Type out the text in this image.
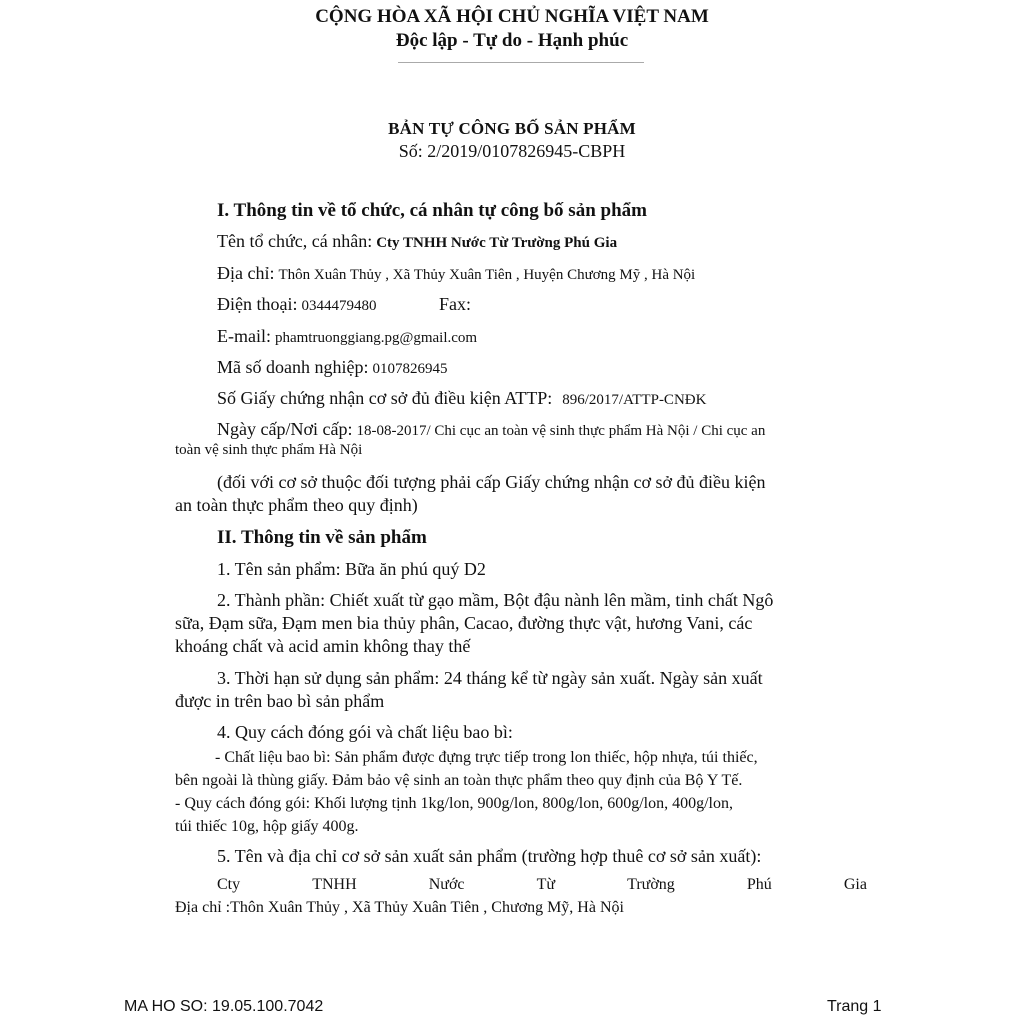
CỘNG HÒA XÃ HỘI CHỦ NGHĨA VIỆT NAM
Độc lập - Tự do - Hạnh phúc
BẢN TỰ CÔNG BỐ SẢN PHẨM
Số: 2/2019/0107826945-CBPH
I. Thông tin về tổ chức, cá nhân tự công bố sản phẩm
Tên tổ chức, cá nhân: Cty TNHH Nước Từ Trường Phú Gia
Địa chỉ: Thôn Xuân Thủy , Xã Thủy Xuân Tiên , Huyện Chương Mỹ , Hà Nội
Điện thoại: 0344479480	Fax:
E-mail: phamtruonggiang.pg@gmail.com
Mã số doanh nghiệp: 0107826945
Số Giấy chứng nhận cơ sở đủ điều kiện ATTP: 896/2017/ATTP-CNĐK
Ngày cấp/Nơi cấp: 18-08-2017/ Chi cục an toàn vệ sinh thực phẩm Hà Nội / Chi cục an
toàn vệ sinh thực phẩm Hà Nội
(đối với cơ sở thuộc đối tượng phải cấp Giấy chứng nhận cơ sở đủ điều kiện
an toàn thực phẩm theo quy định)
II. Thông tin về sản phẩm
1. Tên sản phẩm: Bữa ăn phú quý D2
2. Thành phần: Chiết xuất từ gạo mầm, Bột đậu nành lên mầm, tinh chất Ngô
sữa, Đạm sữa, Đạm men bia thủy phân, Cacao, đường thực vật, hương Vani, các
khoáng chất và acid amin không thay thế
3. Thời hạn sử dụng sản phẩm: 24 tháng kể từ ngày sản xuất. Ngày sản xuất
được in trên bao bì sản phẩm
4. Quy cách đóng gói và chất liệu bao bì:
- Chất liệu bao bì: Sản phẩm được đựng trực tiếp trong lon thiếc, hộp nhựa, túi thiếc,
bên ngoài là thùng giấy. Đảm bảo vệ sinh an toàn thực phẩm theo quy định của Bộ Y Tế.
- Quy cách đóng gói: Khối lượng tịnh 1kg/lon, 900g/lon, 800g/lon, 600g/lon, 400g/lon,
túi thiếc 10g, hộp giấy 400g.
5. Tên và địa chỉ cơ sở sản xuất sản phẩm (trường hợp thuê cơ sở sản xuất):
Cty	TNHH	Nước	Từ	Trường	Phú	Gia
Địa chỉ :Thôn Xuân Thủy , Xã Thủy Xuân Tiên , Chương Mỹ, Hà Nội
MA HO SO: 19.05.100.7042	Trang 1
